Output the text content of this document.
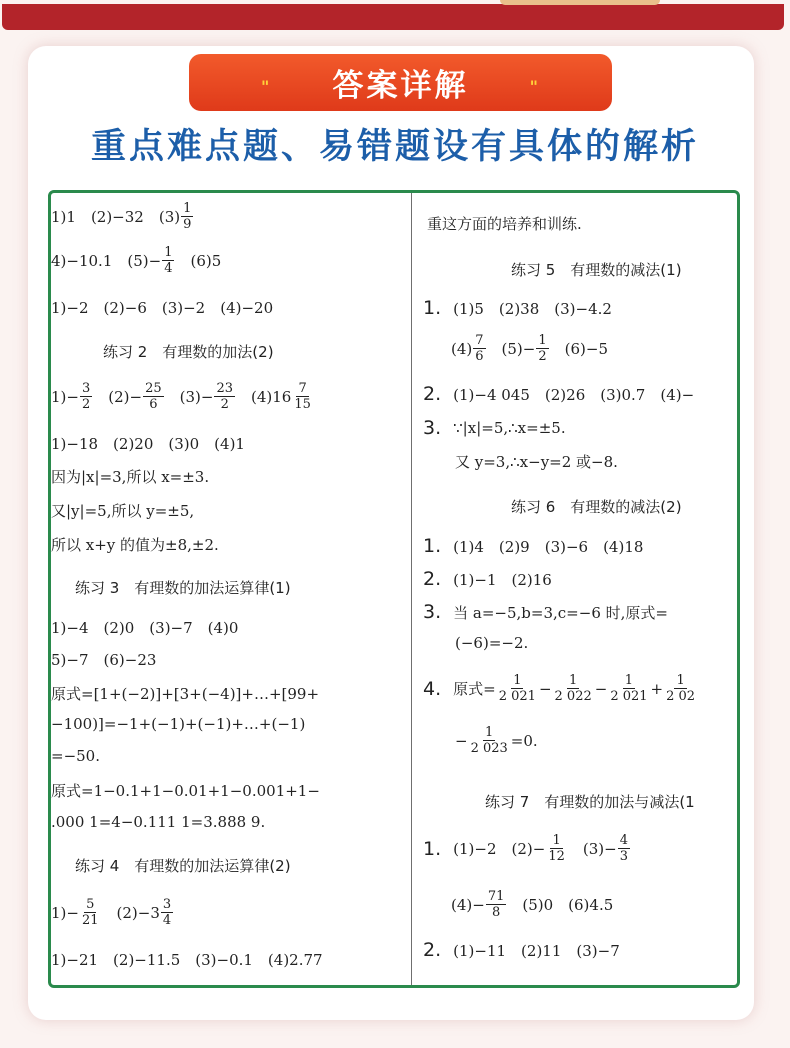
" 答案详解	"
重点难点题、易错题设有具体的解析
1)1　(2)−32　$(3) \frac{1}{9}$
4)−10.1　$(5)- \frac{1}{4}$ 　(6)5
1)−2　(2)−6　(3)−2　(4)−20
练习 2　有理数的加法(2)
$1)- \frac{3}{2}$ 　$(2)- \frac{25}{6}$ 　$(3)- \frac{23}{2}$ 　$(4)16 \frac{7}{15}$
1)−18　(2)20　(3)0　(4)1
因为|x|=3,所以 x=±3.
又|y|=5,所以 y=±5,
所以 x+y 的值为±8,±2.
练习 3　有理数的加法运算律(1)
1)−4　(2)0　(3)−7　(4)0
5)−7　(6)−23
原式=[1+(−2)]+[3+(−4)]+…+[99+
−100)]=−1+(−1)+(−1)+…+(−1)
=−50.
原式=1−0.1+1−0.01+1−0.001+1−
.000 1=4−0.111 1=3.888 9.
练习 4　有理数的加法运算律(2)
$1)- \frac{5}{21}$ 　$(2)-3 \frac{3}{4}$
1)−21　(2)−11.5　(3)−0.1　(4)2.77
重这方面的培养和训练.
练习 5　有理数的减法(1)
1. (1)5　(2)38　(3)−4.2
$(4) \frac{7}{6}$ 　$(5)- \frac{1}{2}$ 　(6)−5
2. (1)−4 045　(2)26　(3)0.7　(4)−
3. ∵|x|=5,∴x=±5.
又 y=3,∴x−y=2 或−8.
练习 6　有理数的减法(2)
1. (1)4　(2)9　(3)−6　(4)18
2. (1)−1　(2)16
3. 当 a=−5,b=3,c=−6 时,原式=
(−6)=−2.
4. 原式= $\frac{1}{2 021} - \frac{1}{2 022} - \frac{1}{2 021} + \frac{1}{2 02}$
− $\frac{1}{2 023} =0$.
练习 7　有理数的加法与减法(1
1. (1)−2　$(2)- \frac{1}{12}$ 　$(3)- \frac{4}{3}$
$(4)- \frac{71}{8}$ 　(5)0　(6)4.5
2. (1)−11　(2)11　(3)−7
